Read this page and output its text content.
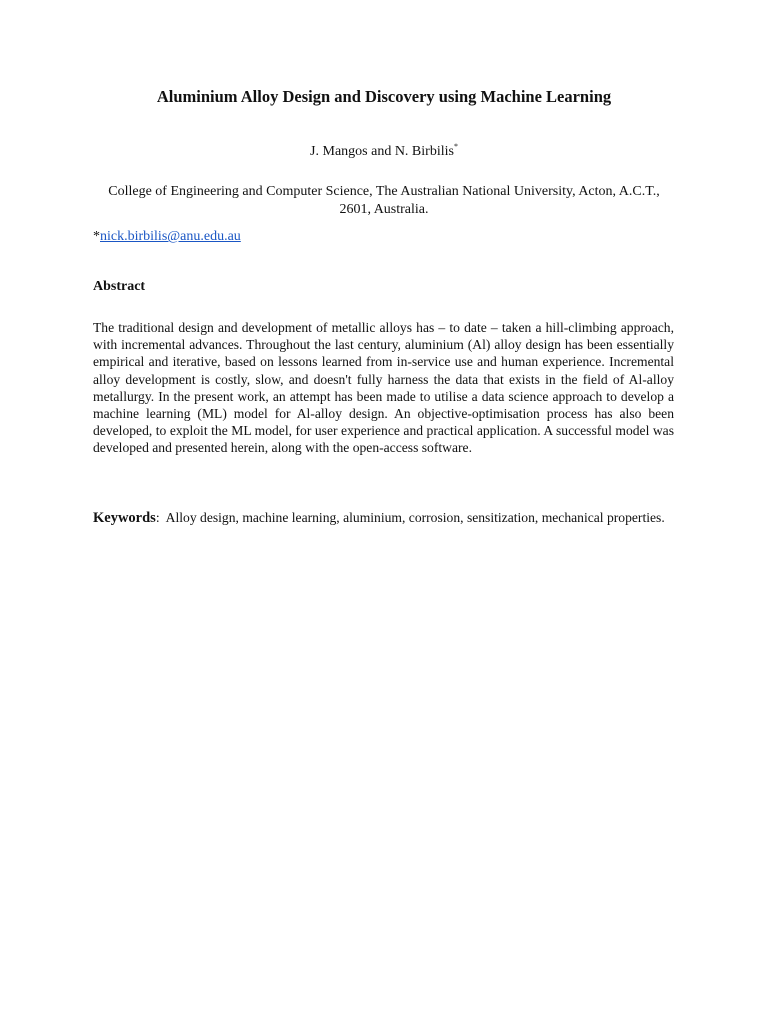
Aluminium Alloy Design and Discovery using Machine Learning
J. Mangos and N. Birbilis*
College of Engineering and Computer Science, The Australian National University, Acton, A.C.T., 2601, Australia.
*nick.birbilis@anu.edu.au
Abstract
The traditional design and development of metallic alloys has – to date – taken a hill-climbing approach, with incremental advances. Throughout the last century, aluminium (Al) alloy design has been essentially empirical and iterative, based on lessons learned from in-service use and human experience. Incremental alloy development is costly, slow, and doesn't fully harness the data that exists in the field of Al-alloy metallurgy. In the present work, an attempt has been made to utilise a data science approach to develop a machine learning (ML) model for Al-alloy design. An objective-optimisation process has also been developed, to exploit the ML model, for user experience and practical application. A successful model was developed and presented herein, along with the open-access software.
Keywords: Alloy design, machine learning, aluminium, corrosion, sensitization, mechanical properties.
